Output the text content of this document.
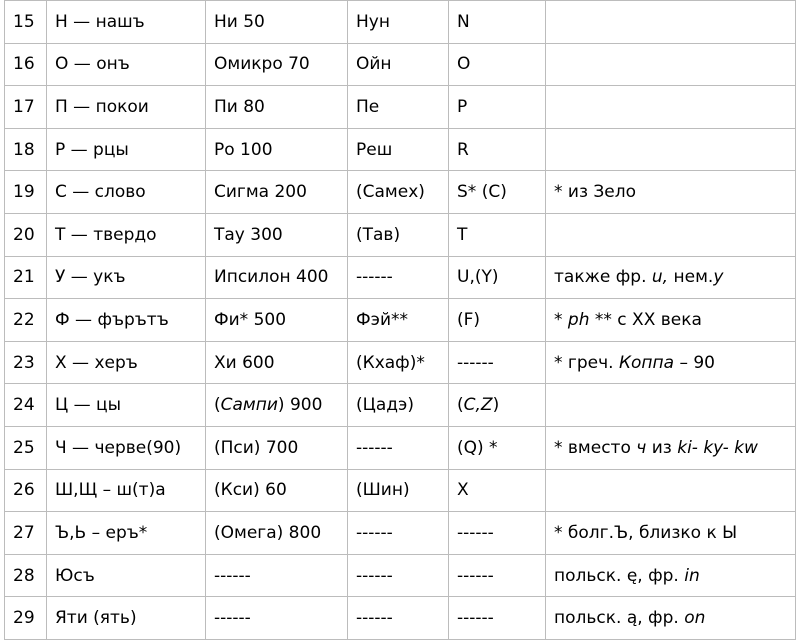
15	Н — нашъ	Ни 50	Нун	N	
16	О — онъ	Омикро 70	Ойн	O	
17	П — покои	Пи 80	Пе	P	
18	Р — рцы	Ро 100	Реш	R	
19	С — слово	Сигма 200	(Самех)	S* (C)	* из Зело
20	Т — твердо	Тау 300	(Тав)	T	
21	У — укъ	Ипсилон 400	------	U,(Y)	также фр. u, нем.y
22	Ф — фърътъ	Фи* 500	Фэй**	(F)	* ph ** с XX века
23	Х — херъ	Хи 600	(Кхаф)*	------	* греч. Коппа – 90
24	Ц — цы	(Сампи) 900	(Цадэ)	(C,Z)	
25	Ч — черве(90)	(Пси) 700	------	(Q) *	* вместо ч из ki- ky- kw
26	Ш,Щ – ш(т)а	(Кси) 60	(Шин)	X	
27	Ъ,Ь – еръ*	(Омега) 800	------	------	* болг.Ъ, близко к Ы
28	Юсъ	------	------	------	польск. ę, фр. in
29	Яти (ять)	------	------	------	польск. ą, фр. on
